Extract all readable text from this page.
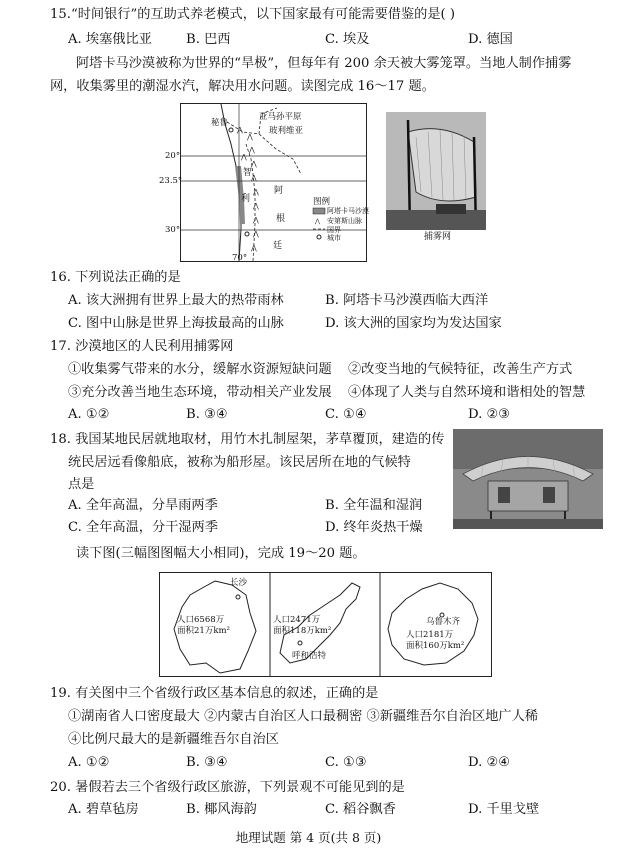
15.“时间银行”的互助式养老模式，以下国家最有可能需要借鉴的是( )
A. 埃塞俄比亚	B. 巴西	C. 埃及	D. 德国
阿塔卡马沙漠被称为世界的“旱极”，但每年有 200 余天被大雾笼罩。当地人制作捕雾
网，收集雾里的潮湿水汽，解决用水问题。读图完成 16～17 题。
⋀
⋀
⋀
⋀
⋀
⋀
⋀
⋀
⋀
⋀
⋀
⋀
秘鲁
亚马孙平原
玻利维亚
20°
23.5°
30°
70°
智
利
阿
根
廷
图例
阿塔卡马沙漠
安第斯山脉
国界
城市	捕雾网
16. 下列说法正确的是
A. 该大洲拥有世界上最大的热带雨林	B. 阿塔卡马沙漠西临大西洋
C. 图中山脉是世界上海拔最高的山脉	D. 该大洲的国家均为发达国家
17. 沙漠地区的人民利用捕雾网
①收集雾气带来的水分，缓解水资源短缺问题 ②改变当地的气候特征，改善生产方式
③充分改善当地生态环境，带动相关产业发展 ④体现了人类与自然环境和谐相处的智慧
A. ①②	B. ③④	C. ①④	D. ②③
18. 我国某地民居就地取材，用竹木扎制屋架，茅草覆顶，建造的传
统民居远看像船底，被称为船形屋。该民居所在地的气候特
点是
A. 全年高温，分旱雨两季	B. 全年温和湿润
C. 全年高温，分干湿两季	D. 终年炎热干燥
读下图(三幅图图幅大小相同)，完成 19～20 题。
长沙
人口6568万
面积21万km²
人口2471万
面积118万km²
呼和浩特
乌鲁木齐
人口2181万
面积160万km²
19. 有关图中三个省级行政区基本信息的叙述，正确的是
①湖南省人口密度最大 ②内蒙古自治区人口最稠密 ③新疆维吾尔自治区地广人稀
④比例尺最大的是新疆维吾尔自治区
A. ①②	B. ③④	C. ①③	D. ②④
20. 暑假若去三个省级行政区旅游，下列景观不可能见到的是
A. 碧草毡房	B. 椰风海韵	C. 稻谷飘香	D. 千里戈壁
地理试题 第 4 页(共 8 页)
